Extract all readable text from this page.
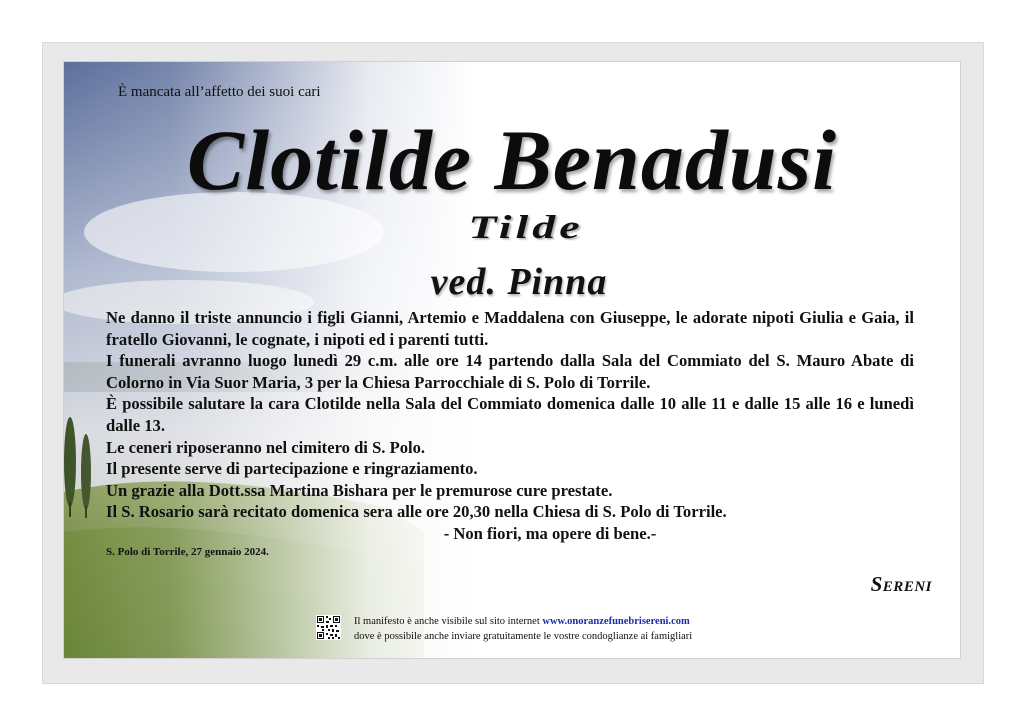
È mancata all’affetto dei suoi cari
Clotilde Benadusi
Tilde
ved. Pinna

Ne danno il triste annuncio i figli Gianni, Artemio e Maddalena con Giuseppe, le adorate nipoti Giulia e Gaia, il fratello Giovanni, le cognate, i nipoti ed i parenti tutti.

I funerali avranno luogo lunedì 29 c.m. alle ore 14 partendo dalla Sala del Commiato del S. Mauro Abate di Colorno in Via Suor Maria, 3 per la Chiesa Parrocchiale di S. Polo di Torrile.

È possibile salutare la cara Clotilde nella Sala del Commiato domenica dalle 10 alle 11 e dalle 15 alle 16 e lunedì dalle 13.

Le ceneri riposeranno nel cimitero di S. Polo.

Il presente serve di partecipazione e ringraziamento.

Un grazie alla Dott.ssa Martina Bishara per le premurose cure prestate.

Il S. Rosario sarà recitato domenica sera alle ore 20,30 nella Chiesa di S. Polo di Torrile.

- Non fiori, ma opere di bene.-

S. Polo di Torrile, 27 gennaio 2024.
Sereni
Il manifesto è anche visibile sul sito internet www.onoranzefunebrisereni.com
dove è possibile anche inviare gratuitamente le vostre condoglianze ai famigliari
